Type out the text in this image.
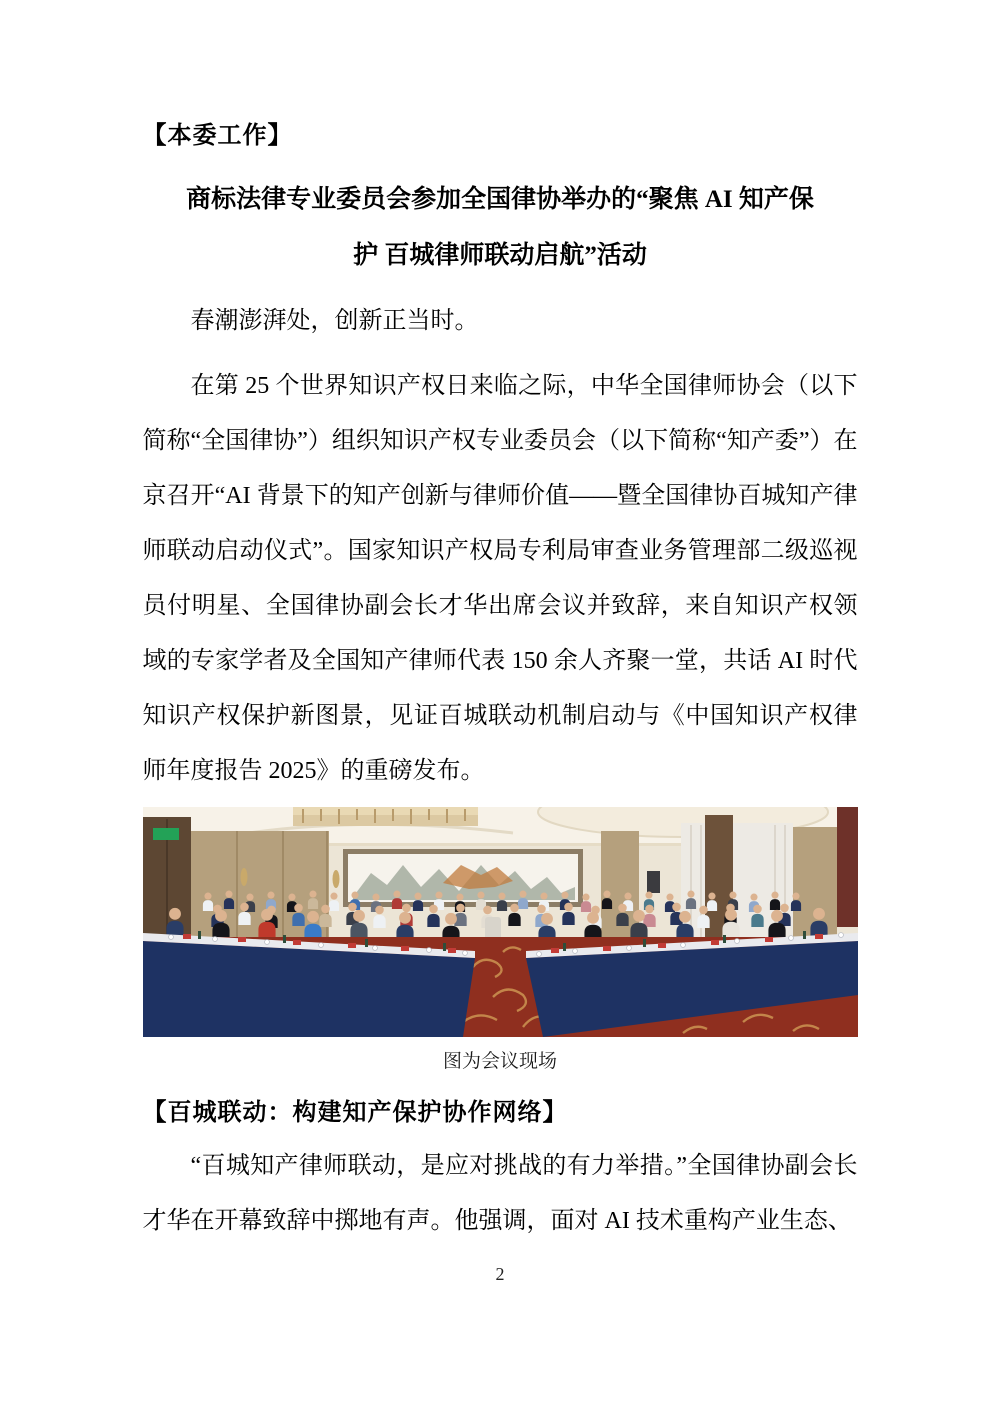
【本委工作】
商标法律专业委员会参加全国律协举办的“聚焦 AI 知产保
护 百城律师联动启航”活动

春潮澎湃处，创新正当时。

在第 25 个世界知识产权日来临之际，中华全国律师协会（以下简称“全国律协”）组织知识产权专业委员会（以下简称“知产委”）在京召开“AI 背景下的知产创新与律师价值——暨全国律协百城知产律师联动启动仪式”。国家知识产权局专利局审查业务管理部二级巡视员付明星、全国律协副会长才华出席会议并致辞，来自知识产权领域的专家学者及全国知产律师代表 150 余人齐聚一堂，共话 AI 时代知识产权保护新图景，见证百城联动机制启动与《中国知识产权律师年度报告 2025》的重磅发布。

图为会议现场
【百城联动：构建知产保护协作网络】

“百城知产律师联动，是应对挑战的有力举措。”全国律协副会长才华在开幕致辞中掷地有声。他强调，面对 AI 技术重构产业生态、

2
